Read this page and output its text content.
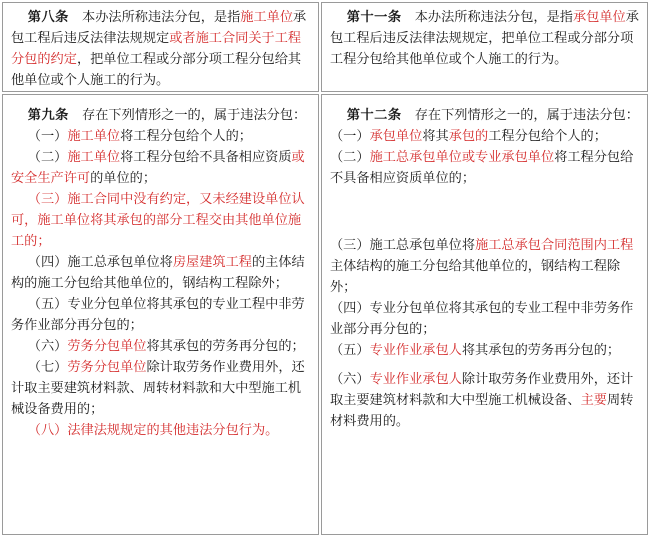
第八条　本办法所称违法分包，是指施工单位承包工程后违反法律法规规定或者施工合同关于工程分包的约定，把单位工程或分部分项工程分包给其他单位或个人施工的行为。

第十一条　本办法所称违法分包，是指承包单位承包工程后违反法律法规规定，把单位工程或分部分项工程分包给其他单位或个人施工的行为。

第九条　存在下列情形之一的，属于违法分包：

（一）施工单位将工程分包给个人的；

（二）施工单位将工程分包给不具备相应资质或安全生产许可的单位的；

（三）施工合同中没有约定，又未经建设单位认可，施工单位将其承包的部分工程交由其他单位施工的；

（四）施工总承包单位将房屋建筑工程的主体结构的施工分包给其他单位的，钢结构工程除外；

（五）专业分包单位将其承包的专业工程中非劳务作业部分再分包的；

（六）劳务分包单位将其承包的劳务再分包的；

（七）劳务分包单位除计取劳务作业费用外，还计取主要建筑材料款、周转材料款和大中型施工机械设备费用的；

（八）法律法规规定的其他违法分包行为。

第十二条　存在下列情形之一的，属于违法分包：

（一）承包单位将其承包的工程分包给个人的；

（二）施工总承包单位或专业承包单位将工程分包给不具备相应资质单位的；

（三）施工总承包单位将施工总承包合同范围内工程主体结构的施工分包给其他单位的，钢结构工程除外；

（四）专业分包单位将其承包的专业工程中非劳务作业部分再分包的；

（五）专业作业承包人将其承包的劳务再分包的；

（六）专业作业承包人除计取劳务作业费用外，还计取主要建筑材料款和大中型施工机械设备、主要周转材料费用的。
